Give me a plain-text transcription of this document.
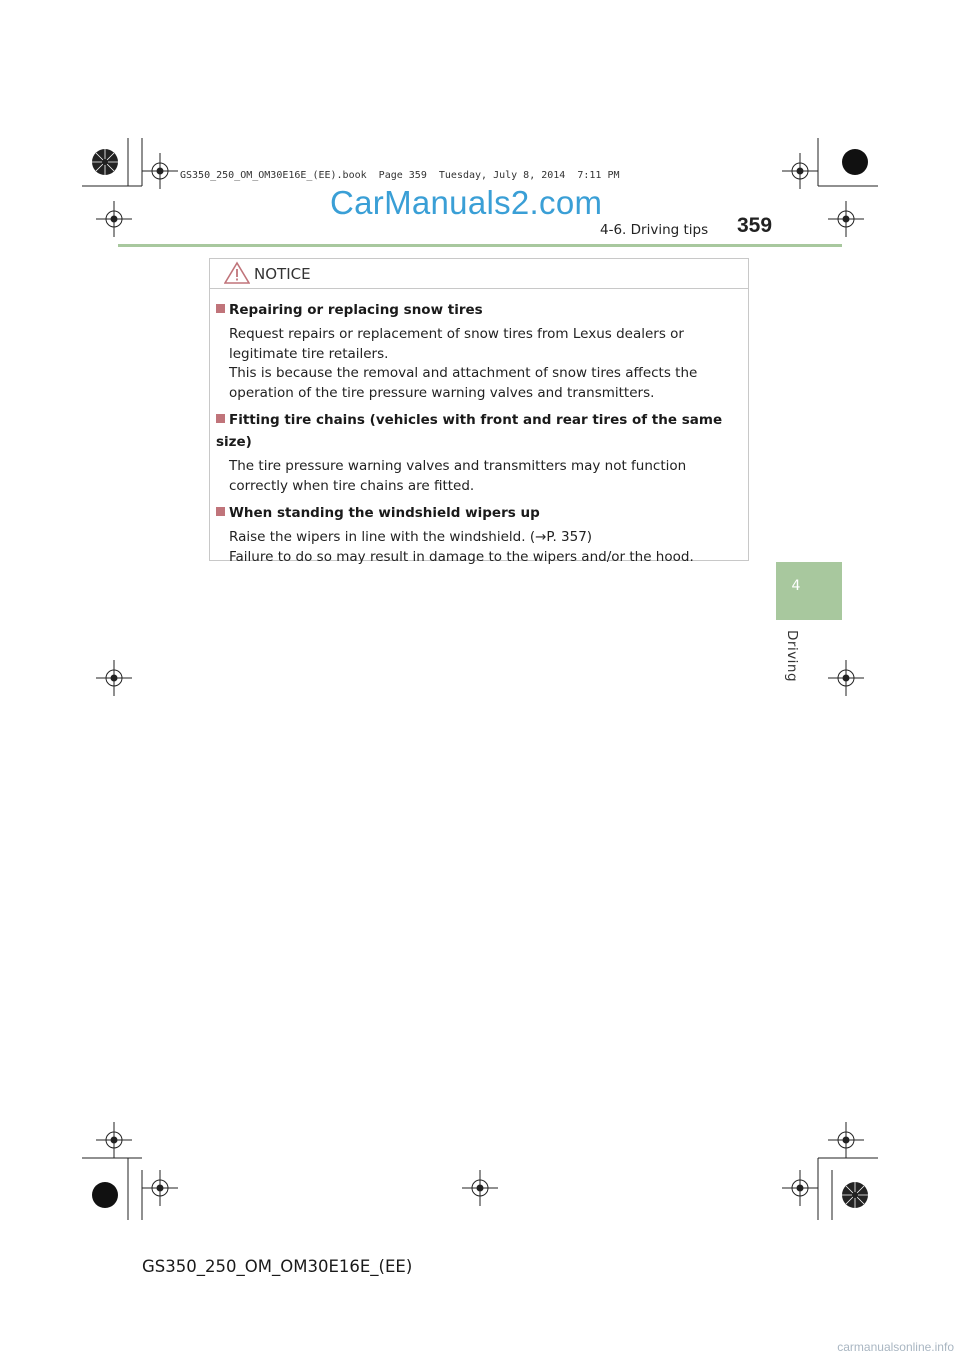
GS350_250_OM_OM30E16E_(EE).book  Page 359  Tuesday, July 8, 2014  7:11 PM
CarManuals2.com
4-6. Driving tips 359
4
Driving
NOTICE
Repairing or replacing snow tires
Request repairs or replacement of snow tires from Lexus dealers or legitimate tire retailers.
This is because the removal and attachment of snow tires affects the operation of the tire pressure warning valves and transmitters.
Fitting tire chains (vehicles with front and rear tires of the same size)
The tire pressure warning valves and transmitters may not function correctly when tire chains are fitted.
When standing the windshield wipers up
Raise the wipers in line with the windshield. (→P. 357)
Failure to do so may result in damage to the wipers and/or the hood.
GS350_250_OM_OM30E16E_(EE)
carmanualsonline.info
